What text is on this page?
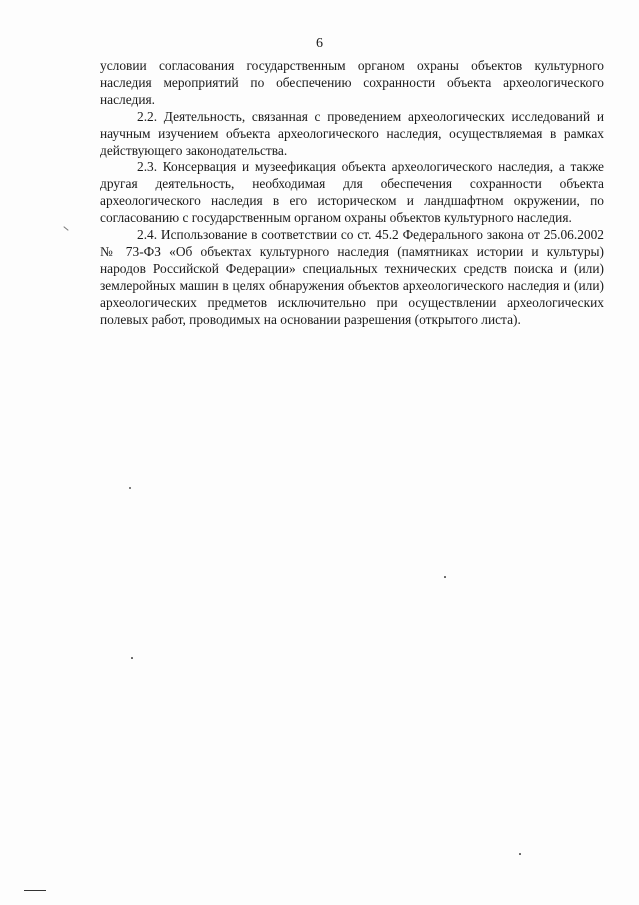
6

условии согласования государственным органом охраны объектов культурного наследия мероприятий по обеспечению сохранности объекта археологического наследия.

2.2. Деятельность, связанная с проведением археологических исследований и научным изучением объекта археологического наследия, осуществляемая в рамках действующего законодательства.

2.3. Консервация и музеефикация объекта археологического наследия, а также другая деятельность, необходимая для обеспечения сохранности объекта археологического наследия в его историческом и ландшафтном окружении, по согласованию с государственным органом охраны объектов культурного наследия.

2.4. Использование в соответствии со ст. 45.2 Федерального закона от 25.06.2002 № 73-ФЗ «Об объектах культурного наследия (памятниках истории и культуры) народов Российской Федерации» специальных технических средств поиска и (или) землеройных машин в целях обнаружения объектов археологического наследия и (или) археологических предметов исключительно при осуществлении археологических полевых работ, проводимых на основании разрешения (открытого листа).
